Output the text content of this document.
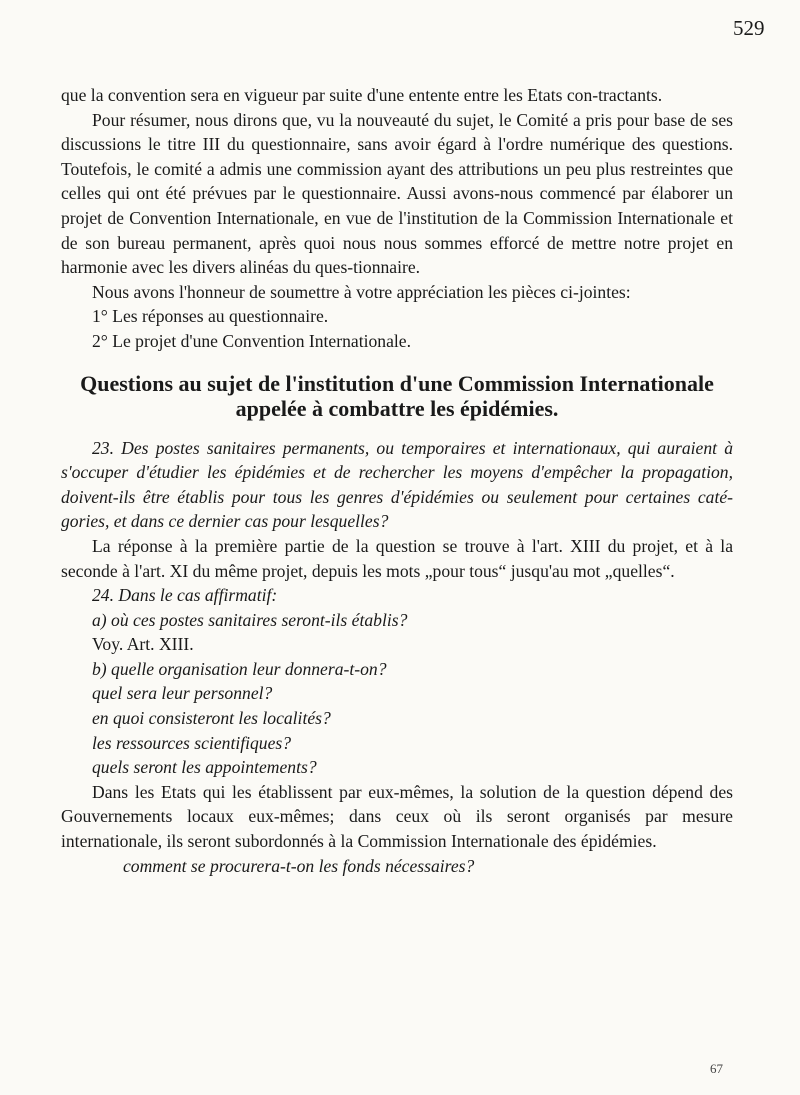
529

que la convention sera en vigueur par suite d'une entente entre les Etats con-tractants.

Pour résumer, nous dirons que, vu la nouveauté du sujet, le Comité a pris pour base de ses discussions le titre III du questionnaire, sans avoir égard à l'ordre numérique des questions. Toutefois, le comité a admis une commission ayant des attributions un peu plus restreintes que celles qui ont été prévues par le questionnaire. Aussi avons-nous commencé par élaborer un projet de Convention Internationale, en vue de l'institution de la Commission Internationale et de son bureau permanent, après quoi nous nous sommes efforcé de mettre notre projet en harmonie avec les divers alinéas du ques-tionnaire.

Nous avons l'honneur de soumettre à votre appréciation les pièces ci-jointes:

1° Les réponses au questionnaire.

2° Le projet d'une Convention Internationale.

Questions au sujet de l'institution d'une Commission Internationale appelée à combattre les épidémies.

23. Des postes sanitaires permanents, ou temporaires et internationaux, qui auraient à s'occuper d'étudier les épidémies et de rechercher les moyens d'empêcher la propagation, doivent-ils être établis pour tous les genres d'épidémies ou seulement pour certaines caté-gories, et dans ce dernier cas pour lesquelles?

La réponse à la première partie de la question se trouve à l'art. XIII du projet, et à la seconde à l'art. XI du même projet, depuis les mots „pour tous“ jusqu'au mot „quelles“.

24. Dans le cas affirmatif:

a) où ces postes sanitaires seront-ils établis?

Voy. Art. XIII.

b) quelle organisation leur donnera-t-on?

quel sera leur personnel?

en quoi consisteront les localités?

les ressources scientifiques?

quels seront les appointements?

Dans les Etats qui les établissent par eux-mêmes, la solution de la question dépend des Gouvernements locaux eux-mêmes; dans ceux où ils seront organisés par mesure internationale, ils seront subordonnés à la Commission Internationale des épidémies.

comment se procurera-t-on les fonds nécessaires?

67
